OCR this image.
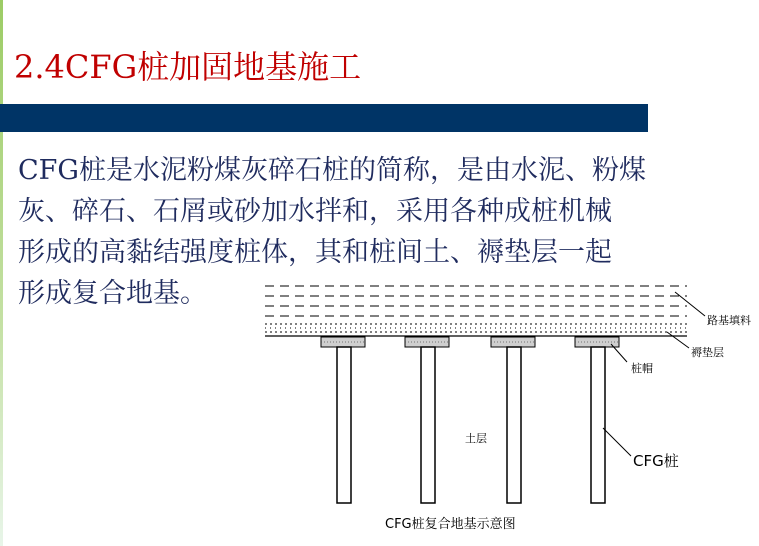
2.4CFG桩加固地基施工

CFG桩是水泥粉煤灰碎石桩的简称，是由水泥、粉煤
灰、碎石、石屑或砂加水拌和，采用各种成桩机械
形成的高黏结强度桩体，其和桩间土、褥垫层一起
形成复合地基。

路基填料
褥垫层
桩帽
土层
CFG桩
CFG桩复合地基示意图
